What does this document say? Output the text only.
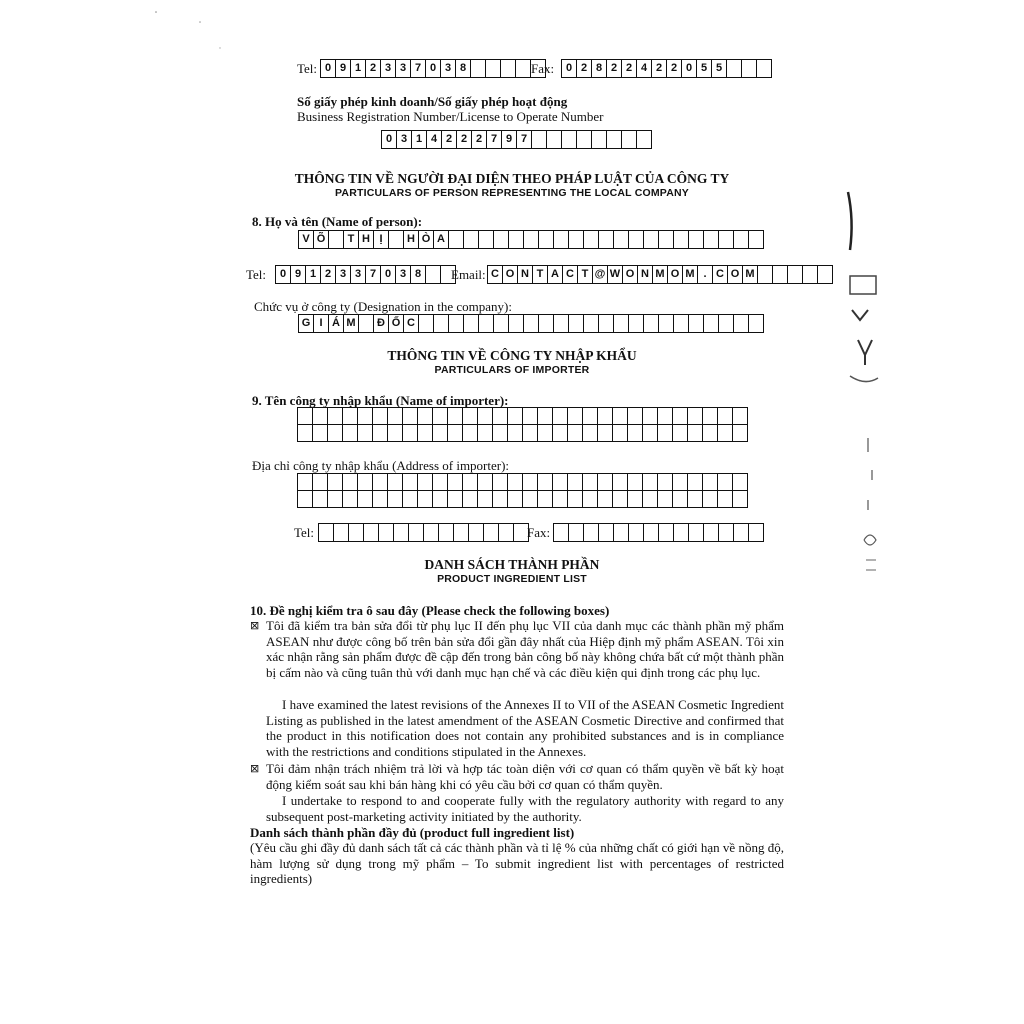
Tel: 0 9 1 2 3 3 7 0 3 8	Fax:	0 2 8 2 2 4 2 2 0 5 5
Số giấy phép kinh doanh/Số giấy phép hoạt động
Business Registration Number/License to Operate Number
0 3 1 4 2 2 2 7 9 7
THÔNG TIN VỀ NGƯỜI ĐẠI DIỆN THEO PHÁP LUẬT CỦA CÔNG TY
PARTICULARS OF PERSON REPRESENTING THE LOCAL COMPANY
8. Họ và tên (Name of person):
V Õ	T H Ị	H Ò A
Tel:	0 9 1 2 3 3 7 0 3 8	Email: C O N T A C T @ W O N M O M . C O M
Chức vụ ở công ty (Designation in the company):
G I Á M	Đ Ố C
THÔNG TIN VỀ CÔNG TY NHẬP KHẨU
PARTICULARS OF IMPORTER
9. Tên công ty nhập khẩu (Name of importer):
Địa chỉ công ty nhập khẩu (Address of importer):
Tel:	Fax:
DANH SÁCH THÀNH PHẦN
PRODUCT INGREDIENT LIST
10. Đề nghị kiểm tra ô sau đây (Please check the following boxes)
⊠ Tôi đã kiểm tra bản sửa đổi từ phụ lục II đến phụ lục VII của danh mục các thành phần mỹ phẩm ASEAN như được công bố trên bản sửa đổi gần đây nhất của Hiệp định mỹ phẩm ASEAN. Tôi xin xác nhận rằng sản phẩm được đề cập đến trong bản công bố này không chứa bất cứ một thành phần bị cấm nào và cũng tuân thủ với danh mục hạn chế và các điều kiện qui định trong các phụ lục.
I have examined the latest revisions of the Annexes II to VII of the ASEAN Cosmetic Ingredient Listing as published in the latest amendment of the ASEAN Cosmetic Directive and confirmed that the product in this notification does not contain any prohibited substances and is in compliance with the restrictions and conditions stipulated in the Annexes.
⊠ Tôi đảm nhận trách nhiệm trả lời và hợp tác toàn diện với cơ quan có thẩm quyền về bất kỳ hoạt động kiểm soát sau khi bán hàng khi có yêu cầu bởi cơ quan có thẩm quyền.
I undertake to respond to and cooperate fully with the regulatory authority with regard to any subsequent post-marketing activity initiated by the authority.
Danh sách thành phần đầy đủ (product full ingredient list)
(Yêu cầu ghi đầy đủ danh sách tất cả các thành phần và tỉ lệ % của những chất có giới hạn về nồng độ, hàm lượng sử dụng trong mỹ phẩm – To submit ingredient list with percentages of restricted ingredients)
